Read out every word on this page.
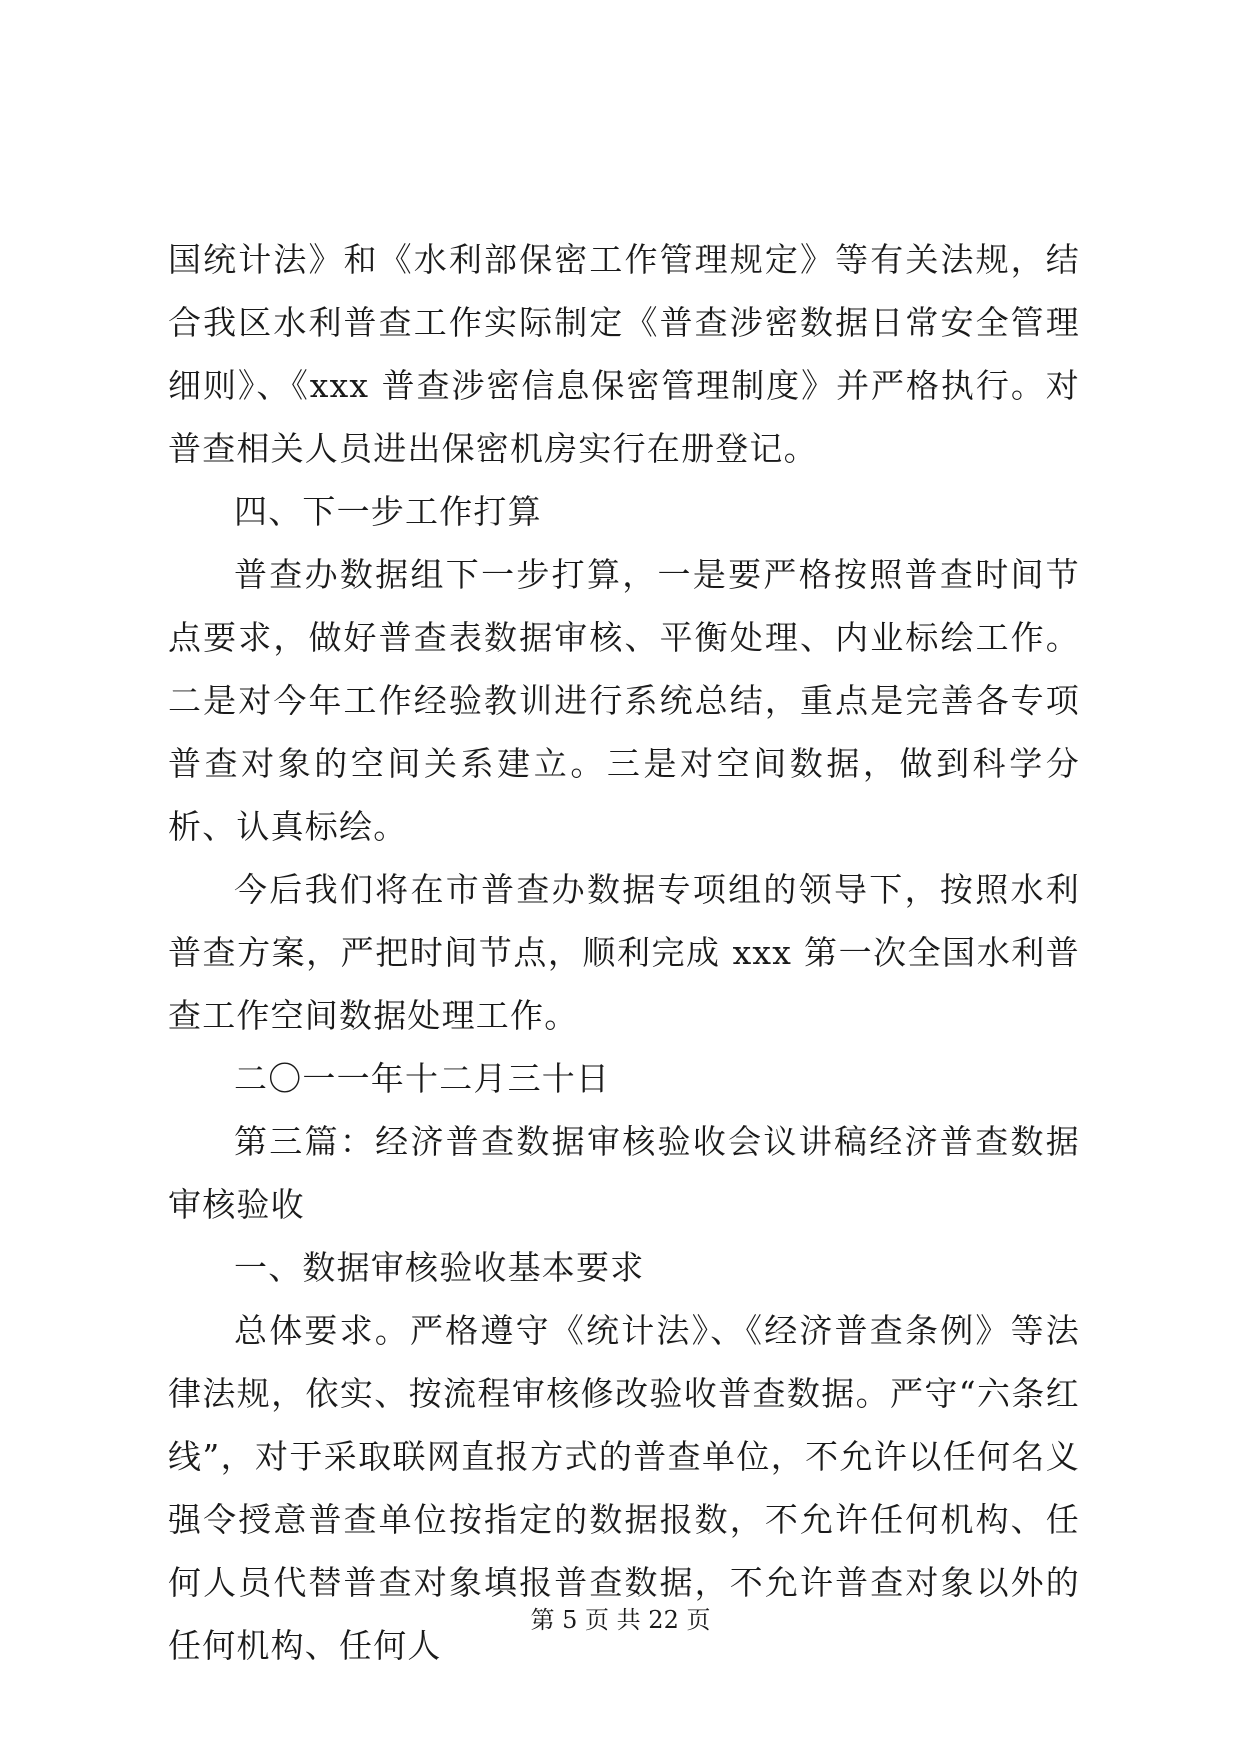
国统计法》和《水利部保密工作管理规定》等有关法规，结合我区水利普查工作实际制定《普查涉密数据日常安全管理细则》、《xxx 普查涉密信息保密管理制度》并严格执行。对普查相关人员进出保密机房实行在册登记。

四、下一步工作打算

普查办数据组下一步打算，一是要严格按照普查时间节点要求，做好普查表数据审核、平衡处理、内业标绘工作。二是对今年工作经验教训进行系统总结，重点是完善各专项普查对象的空间关系建立。三是对空间数据，做到科学分析、认真标绘。

今后我们将在市普查办数据专项组的领导下，按照水利普查方案，严把时间节点，顺利完成 xxx 第一次全国水利普查工作空间数据处理工作。

二〇一一年十二月三十日

第三篇：经济普查数据审核验收会议讲稿经济普查数据审核验收

一、数据审核验收基本要求

总体要求。严格遵守《统计法》、《经济普查条例》等法律法规，依实、按流程审核修改验收普查数据。严守“六条红线”，对于采取联网直报方式的普查单位，不允许以任何名义强令授意普查单位按指定的数据报数，不允许任何机构、任何人员代替普查对象填报普查数据，不允许普查对象以外的任何机构、任何人

第 5 页 共 22 页
